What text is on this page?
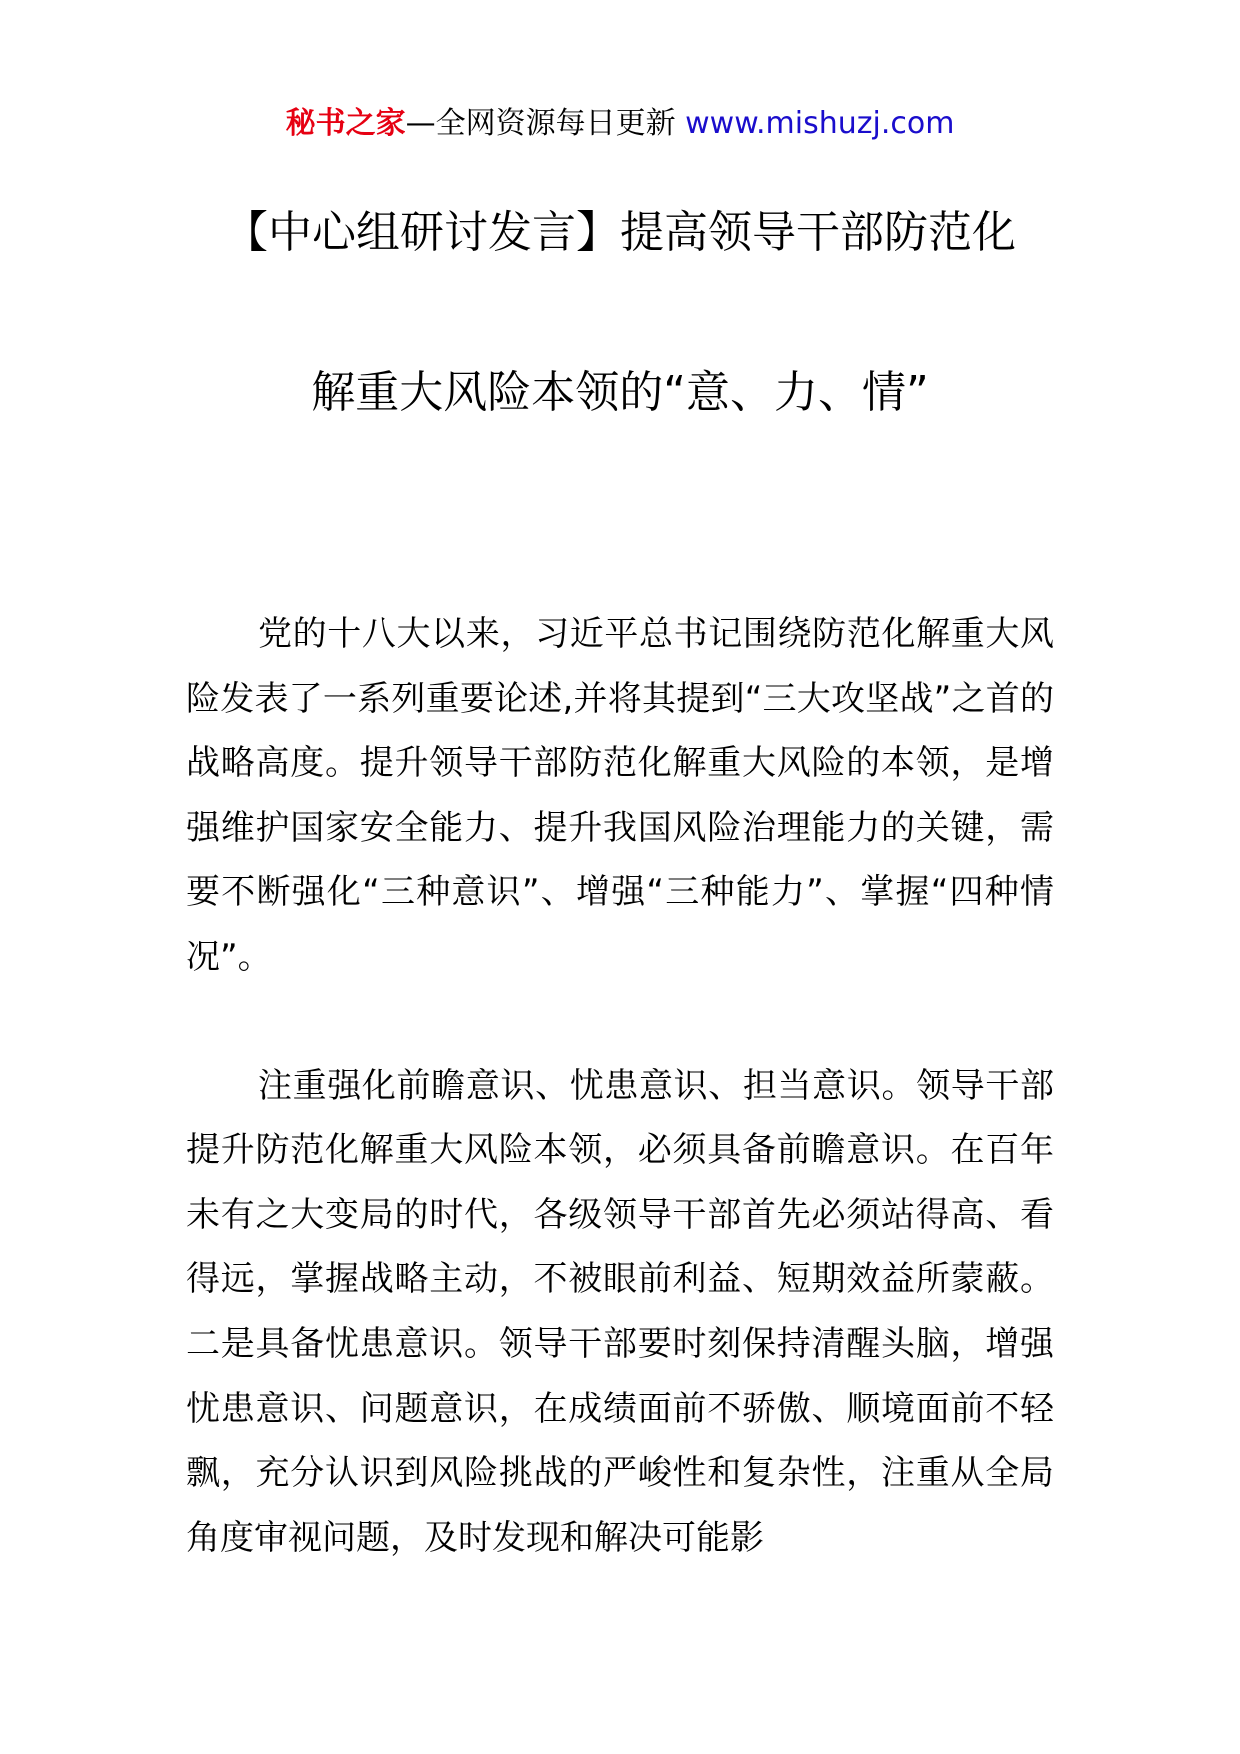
秘书之家—全网资源每日更新 www.mishuzj.com
【中心组研讨发言】提高领导干部防范化
解重大风险本领的“意、力、情”

党的十八大以来，习近平总书记围绕防范化解重大风险发表了一系列重要论述,并将其提到“三大攻坚战”之首的战略高度。提升领导干部防范化解重大风险的本领，是增强维护国家安全能力、提升我国风险治理能力的关键，需要不断强化“三种意识”、增强“三种能力”、掌握“四种情况”。

注重强化前瞻意识、忧患意识、担当意识。领导干部提升防范化解重大风险本领，必须具备前瞻意识。在百年未有之大变局的时代，各级领导干部首先必须站得高、看得远，掌握战略主动，不被眼前利益、短期效益所蒙蔽。二是具备忧患意识。领导干部要时刻保持清醒头脑，增强忧患意识、问题意识，在成绩面前不骄傲、顺境面前不轻飘，充分认识到风险挑战的严峻性和复杂性，注重从全局角度审视问题，及时发现和解决可能影
